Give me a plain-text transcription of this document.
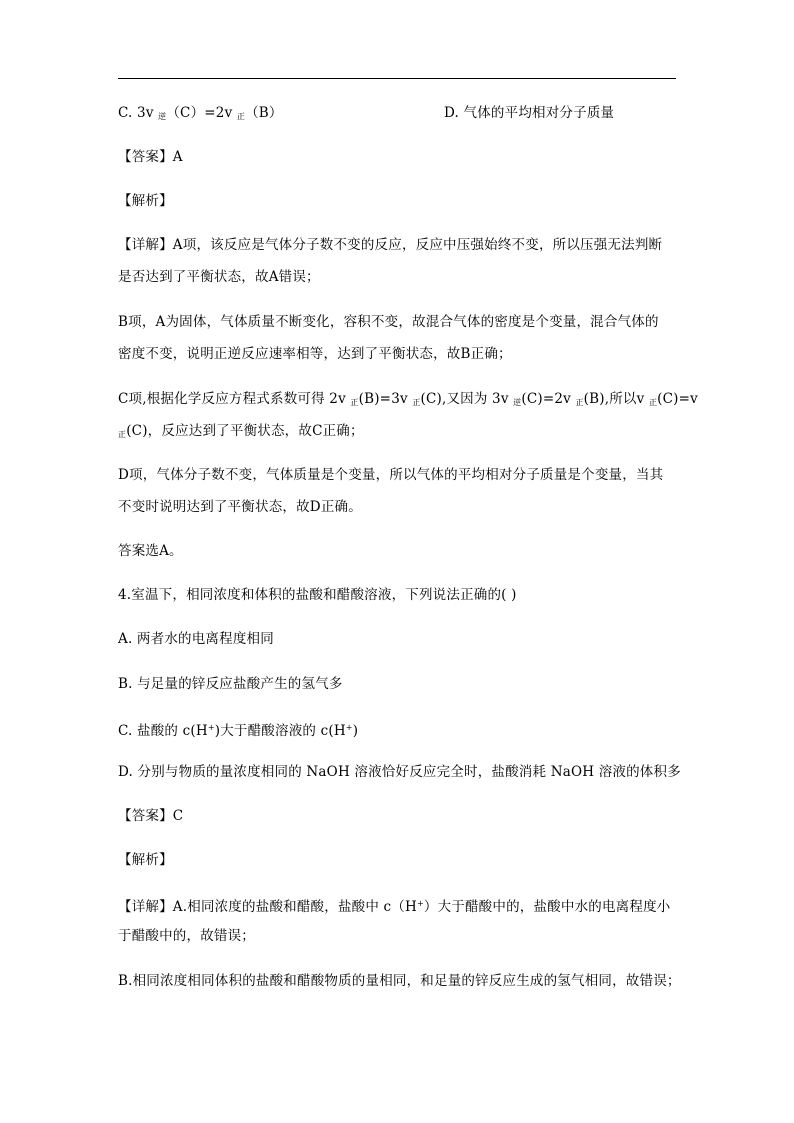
C. 3v $_逆$（C）=2v $_正$（B）	D. 气体的平均相对分子质量
【答案】A
【解析】
【详解】A项，该反应是气体分子数不变的反应，反应中压强始终不变，所以压强无法判断
是否达到了平衡状态，故A错误；
B项，A为固体，气体质量不断变化，容积不变，故混合气体的密度是个变量，混合气体的
密度不变，说明正逆反应速率相等，达到了平衡状态，故B正确；
C项,根据化学反应方程式系数可得 2v $_正$(B)=3v $_正$(C),又因为 3v $_逆$(C)=2v $_正$(B),所以v $_正$(C)=v
$_正$(C)，反应达到了平衡状态，故C正确；
D项，气体分子数不变，气体质量是个变量，所以气体的平均相对分子质量是个变量，当其
不变时说明达到了平衡状态，故D正确。
答案选A。
4.室温下，相同浓度和体积的盐酸和醋酸溶液，下列说法正确的( )
A. 两者水的电离程度相同
B. 与足量的锌反应盐酸产生的氢气多
C. 盐酸的 c(H+)大于醋酸溶液的 c(H+)
D. 分别与物质的量浓度相同的 NaOH 溶液恰好反应完全时，盐酸消耗 NaOH 溶液的体积多
【答案】C
【解析】
【详解】A.相同浓度的盐酸和醋酸，盐酸中 c（H+）大于醋酸中的，盐酸中水的电离程度小
于醋酸中的，故错误；
B.相同浓度相同体积的盐酸和醋酸物质的量相同，和足量的锌反应生成的氢气相同，故错误；
